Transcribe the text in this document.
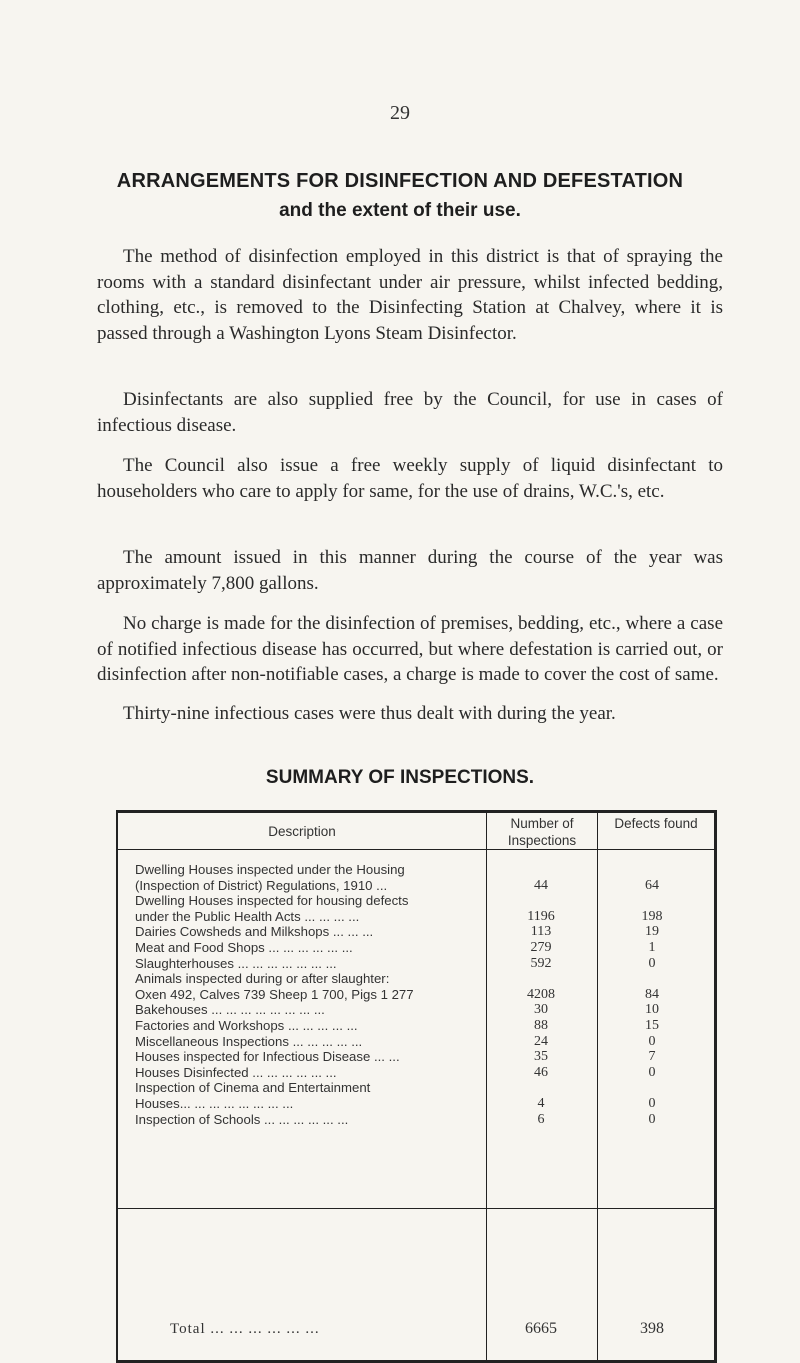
29
ARRANGEMENTS FOR DISINFECTION AND DEFESTATION
and the extent of their use.

The method of disinfection employed in this district is that of spraying the rooms with a standard disinfectant under air pressure, whilst infected bedding, clothing, etc., is removed to the Disinfecting Station at Chalvey, where it is passed through a Washington Lyons Steam Disinfector.

Disinfectants are also supplied free by the Council, for use in cases of infectious disease.

The Council also issue a free weekly supply of liquid disinfectant to householders who care to apply for same, for the use of drains, W.C.'s, etc.

The amount issued in this manner during the course of the year was approximately 7,800 gallons.

No charge is made for the disinfection of premises, bedding, etc., where a case of notified infectious disease has occurred, but where defestation is carried out, or disinfection after non-notifiable cases, a charge is made to cover the cost of same.

Thirty-nine infectious cases were thus dealt with during the year.

SUMMARY OF INSPECTIONS.
Description
Number of Inspections
Defects found
Dwelling Houses inspected under the Housing
(Inspection of District) Regulations, 1910 ...	44	64
Dwelling Houses inspected for housing defects
under the Public Health Acts ... ... ... ...	1196	198
Dairies Cowsheds and Milkshops ... ... ...	113	19
Meat and Food Shops ... ... ... ... ... ...	279	1
Slaughterhouses ... ... ... ... ... ... ...	592	0
Animals inspected during or after slaughter:
Oxen 492, Calves 739 Sheep 1 700, Pigs 1 277	4208	84
Bakehouses ... ... ... ... ... ... ... ...	30	10
Factories and Workshops ... ... ... ... ...	88	15
Miscellaneous Inspections ... ... ... ... ...	24	0
Houses inspected for Infectious Disease ... ...	35	7
Houses Disinfected ... ... ... ... ... ...	46	0
Inspection of Cinema and Entertainment
Houses... ... ... ... ... ... ... ...	4	0
Inspection of Schools ... ... ... ... ... ...	6	0
Total ... ... ... ... ... ...	6665	398
